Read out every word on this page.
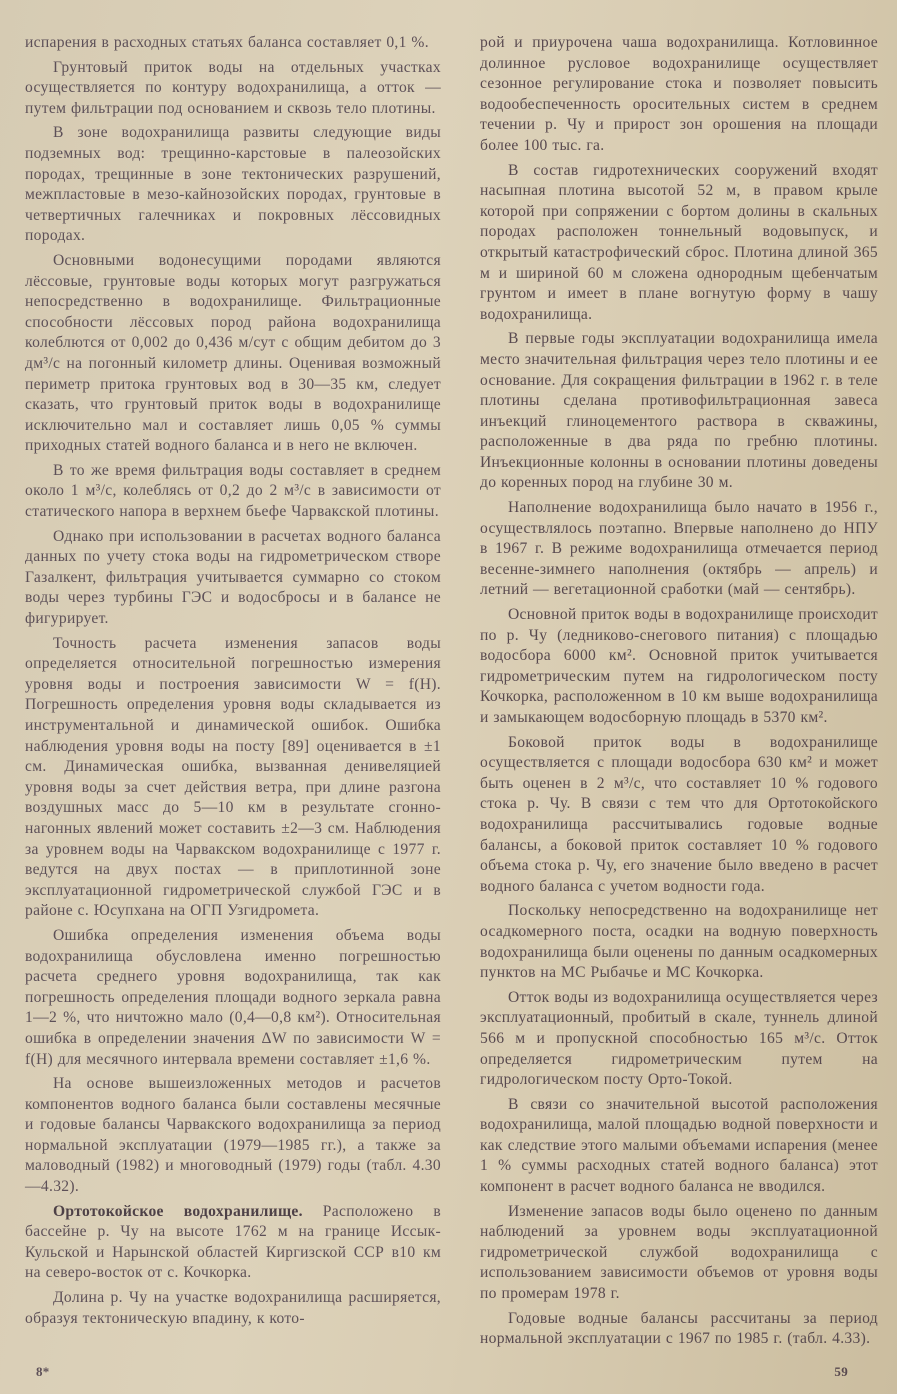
испарения в расходных статьях баланса составляет 0,1 %.

Грунтовый приток воды на отдельных участках осуществляется по контуру водохранилища, а отток — путем фильтрации под основанием и сквозь тело плотины.

В зоне водохранилища развиты следующие виды подземных вод: трещинно-карстовые в палеозойских породах, трещинные в зоне тектонических разрушений, межпластовые в мезо-кайнозойских породах, грунтовые в четвертичных галечниках и покровных лёссовидных породах.

Основными водонесущими породами являются лёссовые, грунтовые воды которых могут разгружаться непосредственно в водохранилище. Фильтрационные способности лёссовых пород района водохранилища колеблются от 0,002 до 0,436 м/сут с общим дебитом до 3 дм³/с на погонный километр длины. Оценивая возможный периметр притока грунтовых вод в 30—35 км, следует сказать, что грунтовый приток воды в водохранилище исключительно мал и составляет лишь 0,05 % суммы приходных статей водного баланса и в него не включен.

В то же время фильтрация воды составляет в среднем около 1 м³/с, колеблясь от 0,2 до 2 м³/с в зависимости от статического напора в верхнем бьефе Чарвакской плотины.

Однако при использовании в расчетах водного баланса данных по учету стока воды на гидрометрическом створе Газалкент, фильтрация учитывается суммарно со стоком воды через турбины ГЭС и водосбросы и в балансе не фигурирует.

Точность расчета изменения запасов воды определяется относительной погрешностью измерения уровня воды и построения зависимости W = f(H). Погрешность определения уровня воды складывается из инструментальной и динамической ошибок. Ошибка наблюдения уровня воды на посту [89] оценивается в ±1 см. Динамическая ошибка, вызванная денивеляцией уровня воды за счет действия ветра, при длине разгона воздушных масс до 5—10 км в результате сгонно-нагонных явлений может составить ±2—3 см. Наблюдения за уровнем воды на Чарвакском водохранилище с 1977 г. ведутся на двух постах — в приплотинной зоне эксплуатационной гидрометрической службой ГЭС и в районе с. Юсупхана на ОГП Узгидромета.

Ошибка определения изменения объема воды водохранилища обусловлена именно погрешностью расчета среднего уровня водохранилища, так как погрешность определения площади водного зеркала равна 1—2 %, что ничтожно мало (0,4—0,8 км²). Относительная ошибка в определении значения ΔW по зависимости W = f(H) для месячного интервала времени составляет ±1,6 %.

На основе вышеизложенных методов и расчетов компонентов водного баланса были составлены месячные и годовые балансы Чарвакского водохранилища за период нормальной эксплуатации (1979—1985 гг.), а также за маловодный (1982) и многоводный (1979) годы (табл. 4.30—4.32).

Ортотокойское водохранилище. Расположено в бассейне р. Чу на высоте 1762 м на границе Иссык-Кульской и Нарынской областей Киргизской ССР в10 км на северо-восток от с. Кочкорка.

Долина р. Чу на участке водохранилища расширяется, образуя тектоническую впадину, к кото-

8*

рой и приурочена чаша водохранилища. Котловинное долинное русловое водохранилище осуществляет сезонное регулирование стока и позволяет повысить водообеспеченность оросительных систем в среднем течении р. Чу и прирост зон орошения на площади более 100 тыс. га.

В состав гидротехнических сооружений входят насыпная плотина высотой 52 м, в правом крыле которой при сопряжении с бортом долины в скальных породах расположен тоннельный водовыпуск, и открытый катастрофический сброс. Плотина длиной 365 м и шириной 60 м сложена однородным щебенчатым грунтом и имеет в плане вогнутую форму в чашу водохранилища.

В первые годы эксплуатации водохранилища имела место значительная фильтрация через тело плотины и ее основание. Для сокращения фильтрации в 1962 г. в теле плотины сделана противофильтрационная завеса инъекций глиноцементого раствора в скважины, расположенные в два ряда по гребню плотины. Инъекционные колонны в основании плотины доведены до коренных пород на глубине 30 м.

Наполнение водохранилища было начато в 1956 г., осуществлялось поэтапно. Впервые наполнено до НПУ в 1967 г. В режиме водохранилища отмечается период весенне-зимнего наполнения (октябрь — апрель) и летний — вегетационной сработки (май — сентябрь).

Основной приток воды в водохранилище происходит по р. Чу (ледниково-снегового питания) с площадью водосбора 6000 км². Основной приток учитывается гидрометрическим путем на гидрологическом посту Кочкорка, расположенном в 10 км выше водохранилища и замыкающем водосборную площадь в 5370 км².

Боковой приток воды в водохранилище осуществляется с площади водосбора 630 км² и может быть оценен в 2 м³/с, что составляет 10 % годового стока р. Чу. В связи с тем что для Ортотокойского водохранилища рассчитывались годовые водные балансы, а боковой приток составляет 10 % годового объема стока р. Чу, его значение было введено в расчет водного баланса с учетом водности года.

Поскольку непосредственно на водохранилище нет осадкомерного поста, осадки на водную поверхность водохранилища были оценены по данным осадкомерных пунктов на МС Рыбачье и МС Кочкорка.

Отток воды из водохранилища осуществляется через эксплуатационный, пробитый в скале, туннель длиной 566 м и пропускной способностью 165 м³/с. Отток определяется гидрометрическим путем на гидрологическом посту Орто-Токой.

В связи со значительной высотой расположения водохранилища, малой площадью водной поверхности и как следствие этого малыми объемами испарения (менее 1 % суммы расходных статей водного баланса) этот компонент в расчет водного баланса не вводился.

Изменение запасов воды было оценено по данным наблюдений за уровнем воды эксплуатационной гидрометрической службой водохранилища с использованием зависимости объемов от уровня воды по промерам 1978 г.

Годовые водные балансы рассчитаны за период нормальной эксплуатации с 1967 по 1985 г. (табл. 4.33).

59
